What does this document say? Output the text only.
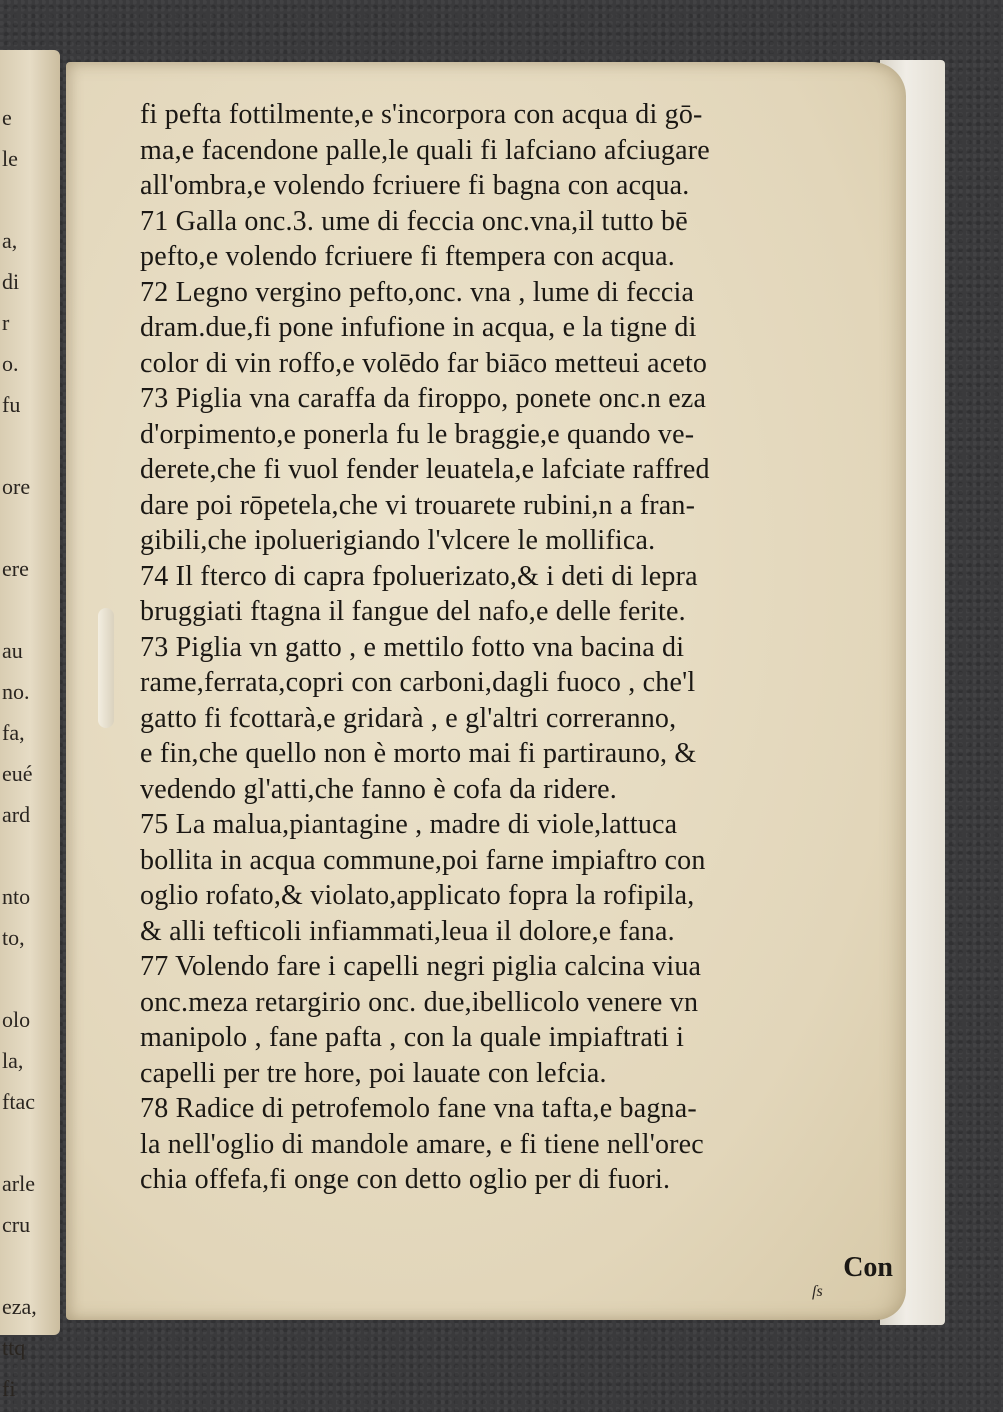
e
le
a,
di
r
o.
fu
ore
ere
au
no.
fa,
eué
ard
nto
to,
olo
la,
ftac
arle
cru
eza,
ttq
fi
fi pefta fottilmente,e s'incorpora con acqua di gō-
ma,e facendone palle,le quali fi lafciano afciugare
all'ombra,e volendo fcriuere fi bagna con acqua.
71 Galla onc.3. ume di feccia onc.vna,il tutto bē
pefto,e volendo fcriuere fi ftempera con acqua.
72 Legno vergino pefto,onc. vna , lume di feccia
dram.due,fi pone infufione in acqua, e la tigne di
color di vin roffo,e volēdo far biāco metteui aceto
73 Piglia vna caraffa da firoppo, ponete onc.n eza
d'orpimento,e ponerla fu le braggie,e quando ve-
derete,che fi vuol fender leuatela,e lafciate raffred
dare poi rōpetela,che vi trouarete rubini,n a fran-
gibili,che ipoluerigiando l'vlcere le mollifica.
74 Il fterco di capra fpoluerizato,& i deti di lepra
bruggiati ftagna il fangue del nafo,e delle ferite.
73 Piglia vn gatto , e mettilo fotto vna bacina di
rame,ferrata,copri con carboni,dagli fuoco , che'l
gatto fi fcottarà,e gridarà , e gl'altri correranno,
e fin,che quello non è morto mai fi partirauno, &
vedendo gl'atti,che fanno è cofa da ridere.
75 La malua,piantagine , madre di viole,lattuca
bollita in acqua commune,poi farne impiaftro con
oglio rofato,& violato,applicato fopra la rofipila,
& alli tefticoli infiammati,leua il dolore,e fana.
77 Volendo fare i capelli negri piglia calcina viua
onc.meza retargirio onc. due,ibellicolo venere vn
manipolo , fane pafta , con la quale impiaftrati i
capelli per tre hore, poi lauate con lefcia.
78 Radice di petrofemolo fane vna tafta,e bagna-
la nell'oglio di mandole amare, e fi tiene nell'orec
chia offefa,fi onge con detto oglio per di fuori.
Con
ſs
